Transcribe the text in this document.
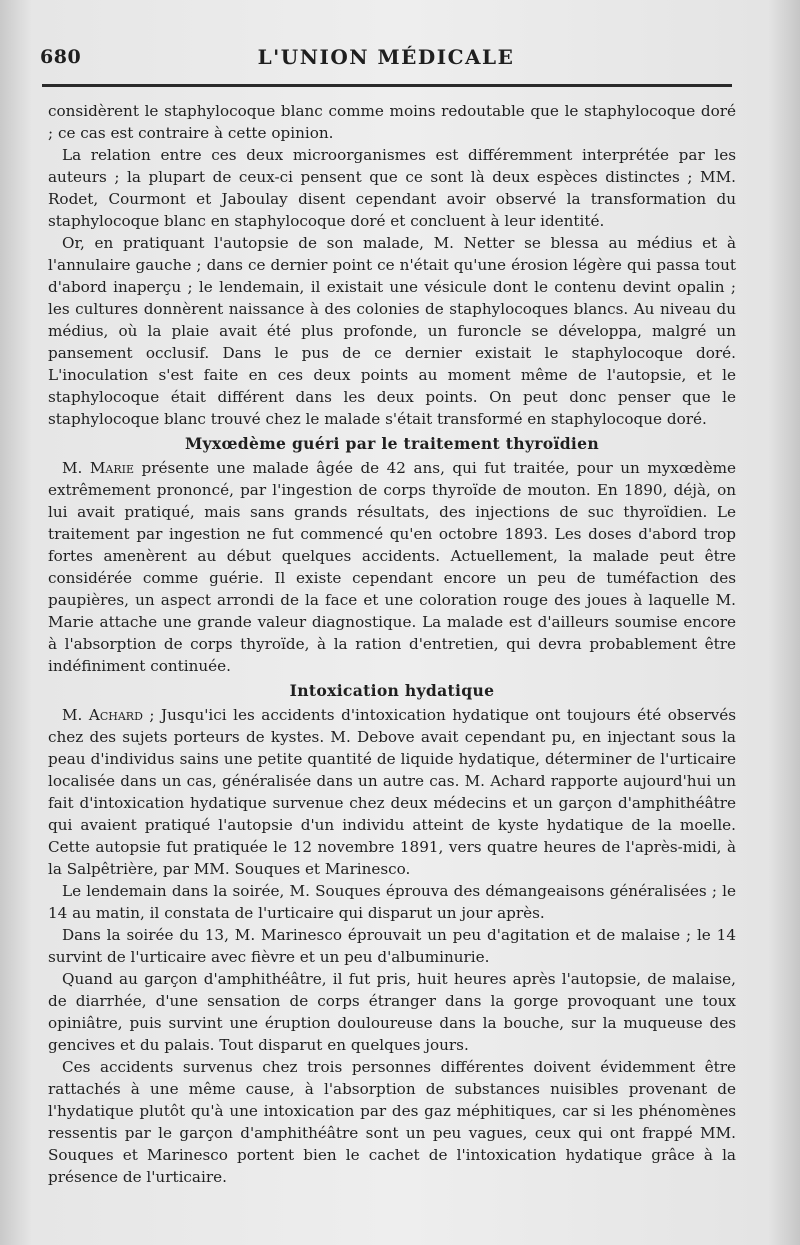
680	L'UNION MÉDICALE

considèrent le staphylocoque blanc comme moins redoutable que le staphylocoque doré ; ce cas est contraire à cette opinion.

La relation entre ces deux microorganismes est différemment interprétée par les auteurs ; la plupart de ceux-ci pensent que ce sont là deux espèces distinctes ; MM. Rodet, Courmont et Jaboulay disent cependant avoir observé la transformation du staphylocoque blanc en staphylocoque doré et concluent à leur identité.

Or, en pratiquant l'autopsie de son malade, M. Netter se blessa au médius et à l'annulaire gauche ; dans ce dernier point ce n'était qu'une érosion légère qui passa tout d'abord inaperçu ; le lendemain, il existait une vésicule dont le contenu devint opalin ; les cultures donnèrent naissance à des colonies de staphylocoques blancs. Au niveau du médius, où la plaie avait été plus profonde, un furoncle se développa, malgré un pansement occlusif. Dans le pus de ce dernier existait le staphylocoque doré. L'inoculation s'est faite en ces deux points au moment même de l'autopsie, et le staphylocoque était différent dans les deux points. On peut donc penser que le staphylocoque blanc trouvé chez le malade s'était transformé en staphylocoque doré.

Myxœdème guéri par le traitement thyroïdien

M. Marie présente une malade âgée de 42 ans, qui fut traitée, pour un myxœdème extrêmement prononcé, par l'ingestion de corps thyroïde de mouton. En 1890, déjà, on lui avait pratiqué, mais sans grands résultats, des injections de suc thyroïdien. Le traitement par ingestion ne fut commencé qu'en octobre 1893. Les doses d'abord trop fortes amenèrent au début quelques accidents. Actuellement, la malade peut être considérée comme guérie. Il existe cependant encore un peu de tuméfaction des paupières, un aspect arrondi de la face et une coloration rouge des joues à laquelle M. Marie attache une grande valeur diagnostique. La malade est d'ailleurs soumise encore à l'absorption de corps thyroïde, à la ration d'entretien, qui devra probablement être indéfiniment continuée.

Intoxication hydatique

M. Achard ; Jusqu'ici les accidents d'intoxication hydatique ont toujours été observés chez des sujets porteurs de kystes. M. Debove avait cependant pu, en injectant sous la peau d'individus sains une petite quantité de liquide hydatique, déterminer de l'urticaire localisée dans un cas, généralisée dans un autre cas. M. Achard rapporte aujourd'hui un fait d'intoxication hydatique survenue chez deux médecins et un garçon d'amphithéâtre qui avaient pratiqué l'autopsie d'un individu atteint de kyste hydatique de la moelle. Cette autopsie fut pratiquée le 12 novembre 1891, vers quatre heures de l'après-midi, à la Salpêtrière, par MM. Souques et Marinesco.

Le lendemain dans la soirée, M. Souques éprouva des démangeaisons généralisées ; le 14 au matin, il constata de l'urticaire qui disparut un jour après.

Dans la soirée du 13, M. Marinesco éprouvait un peu d'agitation et de malaise ; le 14 survint de l'urticaire avec fièvre et un peu d'albuminurie.

Quand au garçon d'amphithéâtre, il fut pris, huit heures après l'autopsie, de malaise, de diarrhée, d'une sensation de corps étranger dans la gorge provoquant une toux opiniâtre, puis survint une éruption douloureuse dans la bouche, sur la muqueuse des gencives et du palais. Tout disparut en quelques jours.

Ces accidents survenus chez trois personnes différentes doivent évidemment être rattachés à une même cause, à l'absorption de substances nuisibles provenant de l'hydatique plutôt qu'à une intoxication par des gaz méphitiques, car si les phénomènes ressentis par le garçon d'amphithéâtre sont un peu vagues, ceux qui ont frappé MM. Souques et Marinesco portent bien le cachet de l'intoxication hydatique grâce à la présence de l'urticaire.
